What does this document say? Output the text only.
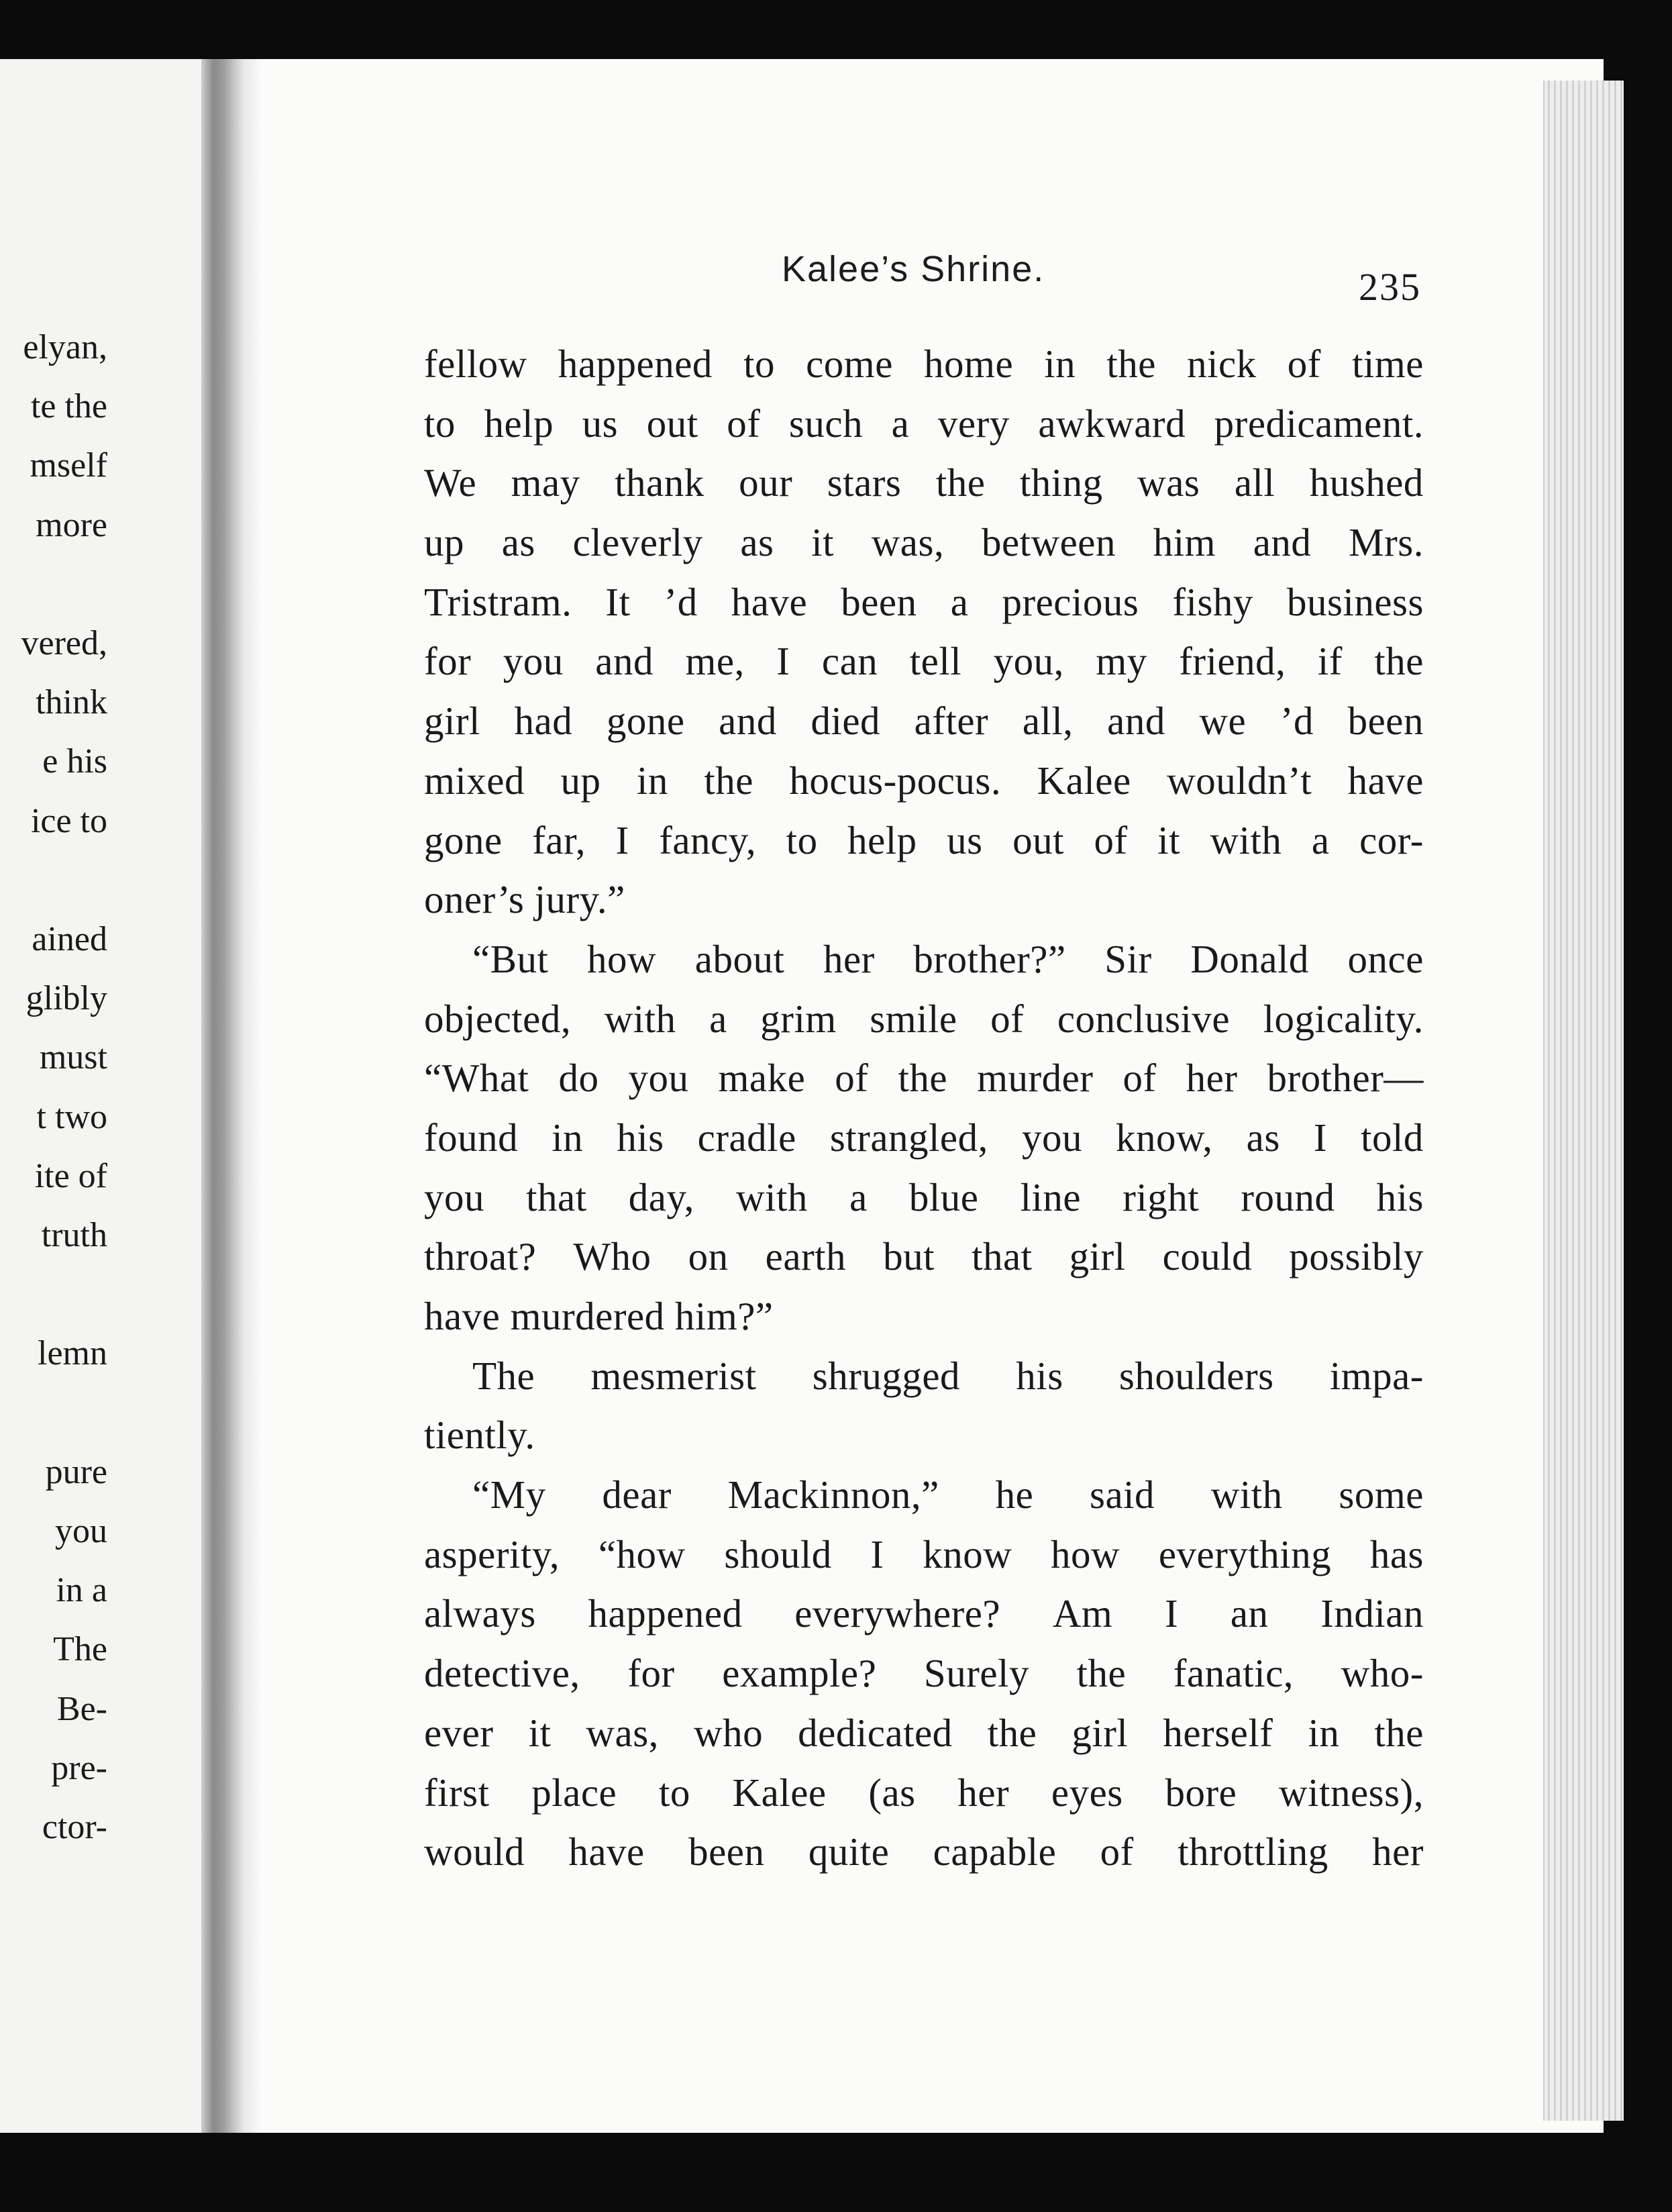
elyan,
te the
mself
more
vered,
think
e his
ice to
ained
glibly
must
t two
ite of
truth
lemn
pure
you
in a
The
Be-
pre-
ctor-
Kalee’s Shrine.	235
fellow happened to come home in the nick of time
to help us out of such a very awkward predicament.
We may thank our stars the thing was all hushed
up as cleverly as it was, between him and Mrs.
Tristram. It ’d have been a precious fishy business
for you and me, I can tell you, my friend, if the
girl had gone and died after all, and we ’d been
mixed up in the hocus-pocus. Kalee wouldn’t have
gone far, I fancy, to help us out of it with a cor-
oner’s jury.”
“But how about her brother?” Sir Donald once
objected, with a grim smile of conclusive logicality.
“What do you make of the murder of her brother—
found in his cradle strangled, you know, as I told
you that day, with a blue line right round his
throat? Who on earth but that girl could possibly
have murdered him?”
The mesmerist shrugged his shoulders impa-
tiently.
“My dear Mackinnon,” he said with some
asperity, “how should I know how everything has
always happened everywhere? Am I an Indian
detective, for example? Surely the fanatic, who-
ever it was, who dedicated the girl herself in the
first place to Kalee (as her eyes bore witness),
would have been quite capable of throttling her
